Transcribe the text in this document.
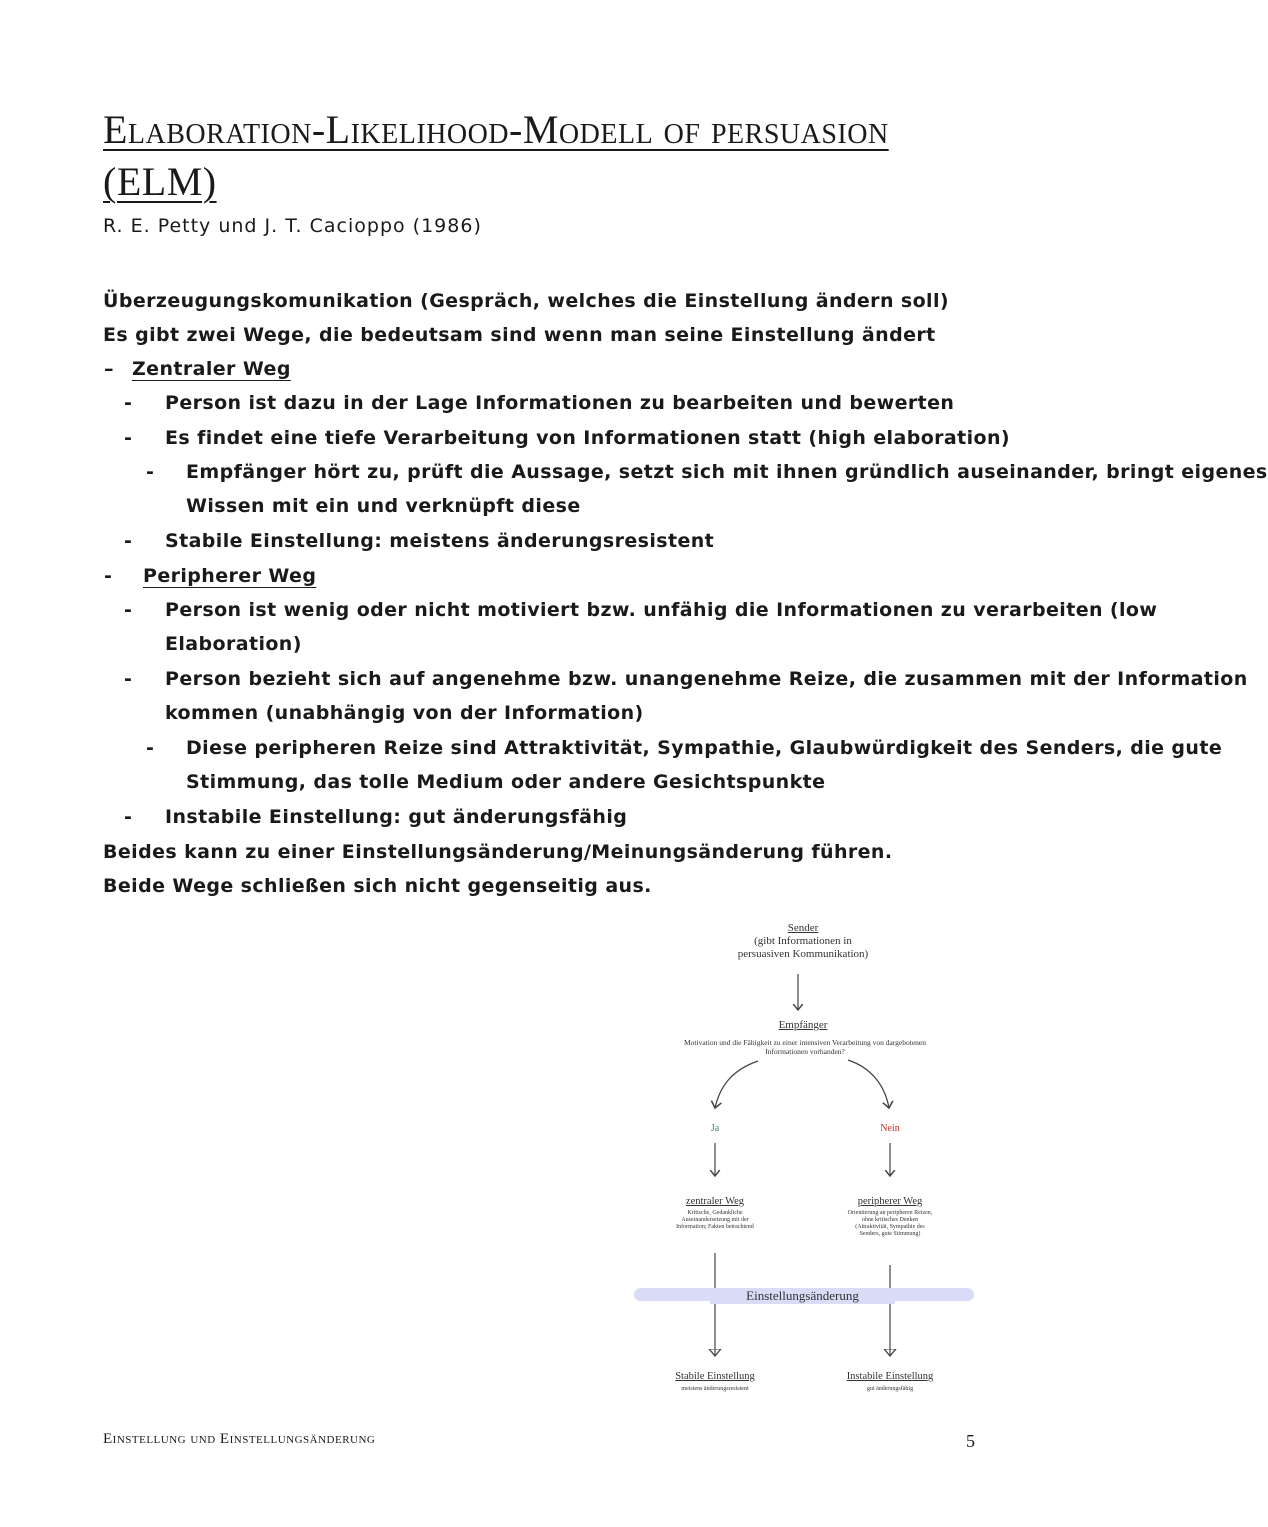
Elaboration-Likelihood-Modell of persuasion
(ELM)
R. E. Petty und J. T. Cacioppo (1986)
Überzeugungskomunikation (Gespräch, welches die Einstellung ändern soll)
Es gibt zwei Wege, die bedeutsam sind wenn man seine Einstellung ändert
– Zentraler Weg
- Person ist dazu in der Lage Informationen zu bearbeiten und bewerten
- Es findet eine tiefe Verarbeitung von Informationen statt (high elaboration)
- Empfänger hört zu, prüft die Aussage, setzt sich mit ihnen gründlich auseinander, bringt eigenes
Wissen mit ein und verknüpft diese
- Stabile Einstellung: meistens änderungsresistent
- Peripherer Weg
- Person ist wenig oder nicht motiviert bzw. unfähig die Informationen zu verarbeiten (low
Elaboration)
- Person bezieht sich auf angenehme bzw. unangenehme Reize, die zusammen mit der Information
kommen (unabhängig von der Information)
- Diese peripheren Reize sind Attraktivität, Sympathie, Glaubwürdigkeit des Senders, die gute
Stimmung, das tolle Medium oder andere Gesichtspunkte
- Instabile Einstellung: gut änderungsfähig
Beides kann zu einer Einstellungsänderung/Meinungsänderung führen.
Beide Wege schließen sich nicht gegenseitig aus.
Sender
(gibt Informationen in
persuasiven Kommunikation)
Empfänger
Motivation und die Fähigkeit zu einer intensiven Verarbeitung von dargebotenen
Informationen vorhanden?
Ja	Nein
zentraler Weg
Kritische, Gedankliche
Auseinandersetzung mit der
Information; Fakten betrachtend
peripherer Weg
Orientierung an peripheren Reizen,
ohne kritisches Denken
(Attraktivität, Sympathie des
Senders, gute Stimmung)
Einstellungsänderung
Stabile Einstellung
meistens änderungsresistent
Instabile Einstellung
gut änderungsfähig
Einstellung und Einstellungsänderung	5
